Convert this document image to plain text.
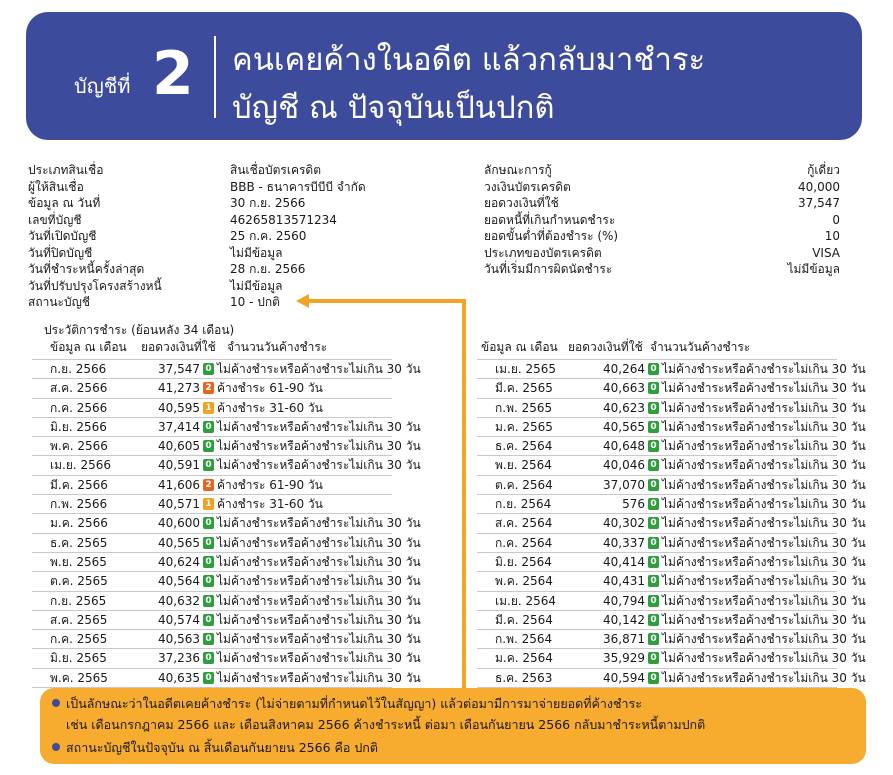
บัญชีที่ 2 คนเคยค้างในอดีต แล้วกลับมาชำระ
บัญชี ณ ปัจจุบันเป็นปกติ
ประเภทสินเชื่อ	สินเชื่อบัตรเครดิต
ผู้ให้สินเชื่อ	BBB - ธนาคารบีบีบี จำกัด
ข้อมูล ณ วันที่	30 ก.ย. 2566
เลขที่บัญชี	46265813571234
วันที่เปิดบัญชี	25 ก.ค. 2560
วันที่ปิดบัญชี	ไม่มีข้อมูล
วันที่ชำระหนี้ครั้งล่าสุด	28 ก.ย. 2566
วันที่ปรับปรุงโครงสร้างหนี้	ไม่มีข้อมูล
สถานะบัญชี	10 - ปกติ
ลักษณะการกู้	กู้เดี่ยว
วงเงินบัตรเครดิต	40,000
ยอดวงเงินที่ใช้	37,547
ยอดหนี้ที่เกินกำหนดชำระ	0
ยอดขั้นต่ำที่ต้องชำระ (%)	10
ประเภทของบัตรเครดิต	VISA
วันที่เริ่มมีการผิดนัดชำระ	ไม่มีข้อมูล
ประวัติการชำระ (ย้อนหลัง 34 เดือน)
ข้อมูล ณ เดือน ยอดวงเงินที่ใช้ จำนวนวันค้างชำระ	ข้อมูล ณ เดือน ยอดวงเงินที่ใช้ จำนวนวันค้างชำระ
ก.ย. 2566	37,547 0 ไม่ค้างชำระหรือค้างชำระไม่เกิน 30 วัน
ส.ค. 2566	41,273 2 ค้างชำระ 61-90 วัน
ก.ค. 2566	40,595 1 ค้างชำระ 31-60 วัน
มิ.ย. 2566	37,414 0 ไม่ค้างชำระหรือค้างชำระไม่เกิน 30 วัน
พ.ค. 2566	40,605 0 ไม่ค้างชำระหรือค้างชำระไม่เกิน 30 วัน
เม.ย. 2566	40,591 0 ไม่ค้างชำระหรือค้างชำระไม่เกิน 30 วัน
มี.ค. 2566	41,606 2 ค้างชำระ 61-90 วัน
ก.พ. 2566	40,571 1 ค้างชำระ 31-60 วัน
ม.ค. 2566	40,600 0 ไม่ค้างชำระหรือค้างชำระไม่เกิน 30 วัน
ธ.ค. 2565	40,565 0 ไม่ค้างชำระหรือค้างชำระไม่เกิน 30 วัน
พ.ย. 2565	40,624 0 ไม่ค้างชำระหรือค้างชำระไม่เกิน 30 วัน
ต.ค. 2565	40,564 0 ไม่ค้างชำระหรือค้างชำระไม่เกิน 30 วัน
ก.ย. 2565	40,632 0 ไม่ค้างชำระหรือค้างชำระไม่เกิน 30 วัน
ส.ค. 2565	40,574 0 ไม่ค้างชำระหรือค้างชำระไม่เกิน 30 วัน
ก.ค. 2565	40,563 0 ไม่ค้างชำระหรือค้างชำระไม่เกิน 30 วัน
มิ.ย. 2565	37,236 0 ไม่ค้างชำระหรือค้างชำระไม่เกิน 30 วัน
พ.ค. 2565	40,635 0 ไม่ค้างชำระหรือค้างชำระไม่เกิน 30 วัน
เม.ย. 2565	40,264 0 ไม่ค้างชำระหรือค้างชำระไม่เกิน 30 วัน
มี.ค. 2565	40,663 0 ไม่ค้างชำระหรือค้างชำระไม่เกิน 30 วัน
ก.พ. 2565	40,623 0 ไม่ค้างชำระหรือค้างชำระไม่เกิน 30 วัน
ม.ค. 2565	40,565 0 ไม่ค้างชำระหรือค้างชำระไม่เกิน 30 วัน
ธ.ค. 2564	40,648 0 ไม่ค้างชำระหรือค้างชำระไม่เกิน 30 วัน
พ.ย. 2564	40,046 0 ไม่ค้างชำระหรือค้างชำระไม่เกิน 30 วัน
ต.ค. 2564	37,070 0 ไม่ค้างชำระหรือค้างชำระไม่เกิน 30 วัน
ก.ย. 2564	576 0 ไม่ค้างชำระหรือค้างชำระไม่เกิน 30 วัน
ส.ค. 2564	40,302 0 ไม่ค้างชำระหรือค้างชำระไม่เกิน 30 วัน
ก.ค. 2564	40,337 0 ไม่ค้างชำระหรือค้างชำระไม่เกิน 30 วัน
มิ.ย. 2564	40,414 0 ไม่ค้างชำระหรือค้างชำระไม่เกิน 30 วัน
พ.ค. 2564	40,431 0 ไม่ค้างชำระหรือค้างชำระไม่เกิน 30 วัน
เม.ย. 2564	40,794 0 ไม่ค้างชำระหรือค้างชำระไม่เกิน 30 วัน
มี.ค. 2564	40,142 0 ไม่ค้างชำระหรือค้างชำระไม่เกิน 30 วัน
ก.พ. 2564	36,871 0 ไม่ค้างชำระหรือค้างชำระไม่เกิน 30 วัน
ม.ค. 2564	35,929 0 ไม่ค้างชำระหรือค้างชำระไม่เกิน 30 วัน
ธ.ค. 2563	40,594 0 ไม่ค้างชำระหรือค้างชำระไม่เกิน 30 วัน
เป็นลักษณะว่าในอดีตเคยค้างชำระ (ไม่จ่ายตามที่กำหนดไว้ในสัญญา) แล้วต่อมามีการมาจ่ายยอดที่ค้างชำระ
เช่น เดือนกรกฎาคม 2566 และ เดือนสิงหาคม 2566 ค้างชำระหนี้ ต่อมา เดือนกันยายน 2566 กลับมาชำระหนี้ตามปกติ
สถานะบัญชีในปัจจุบัน ณ สิ้นเดือนกันยายน 2566 คือ ปกติ
